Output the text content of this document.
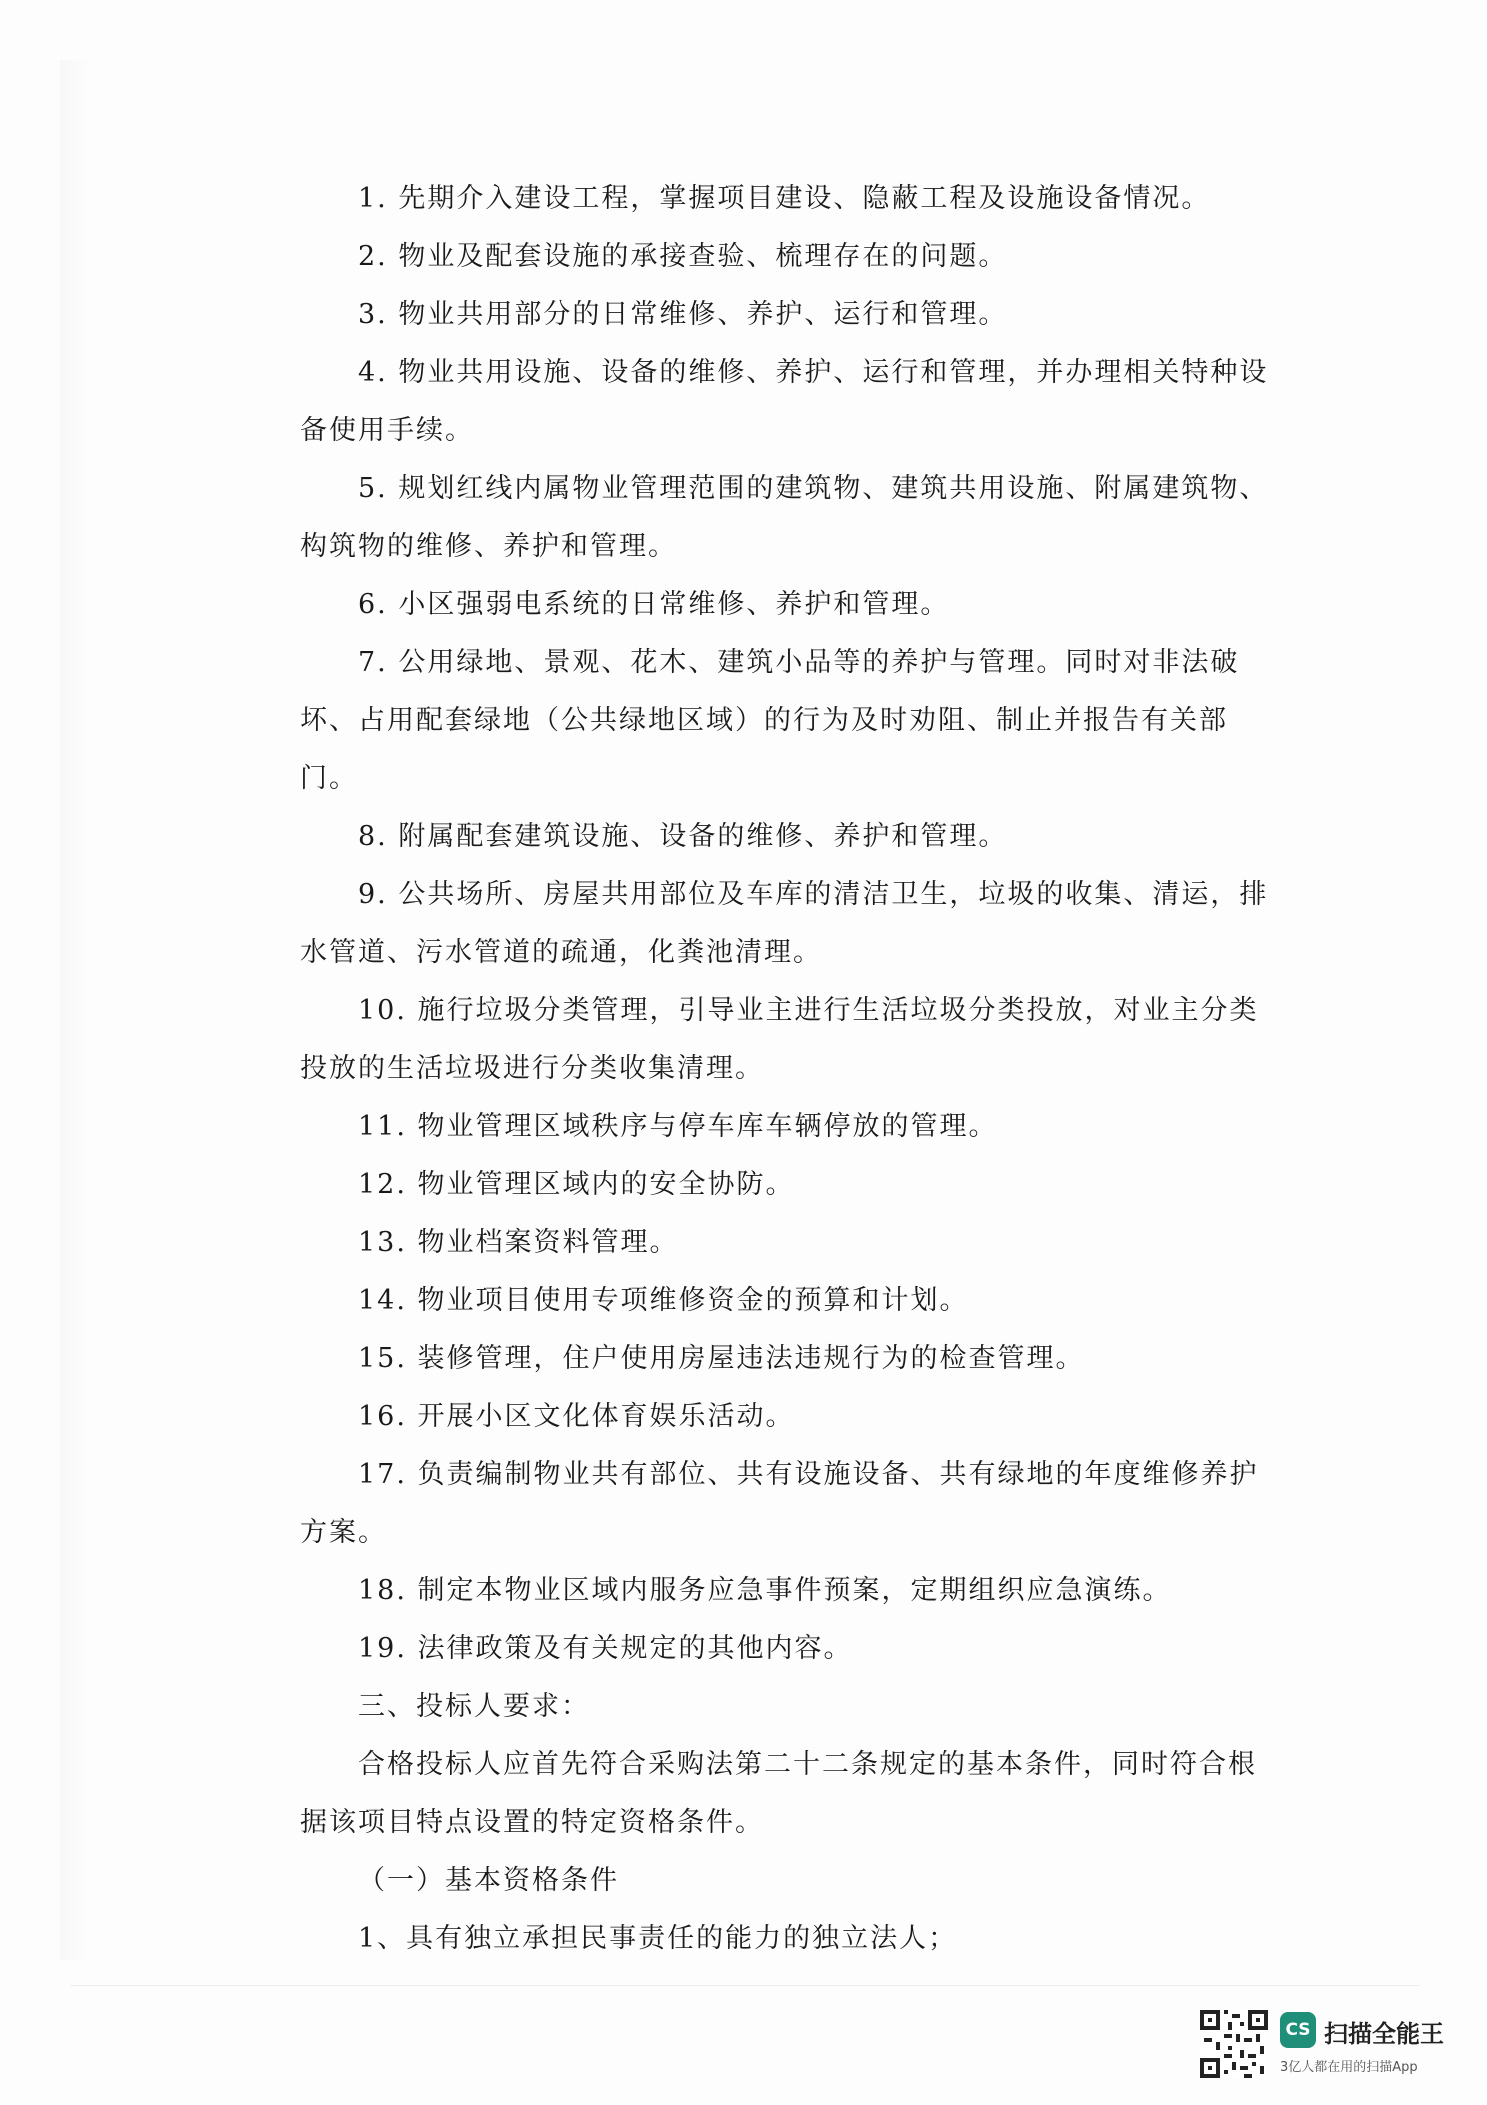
1. 先期介入建设工程，掌握项目建设、隐蔽工程及设施设备情况。

2. 物业及配套设施的承接查验、梳理存在的问题。

3. 物业共用部分的日常维修、养护、运行和管理。

4. 物业共用设施、设备的维修、养护、运行和管理，并办理相关特种设备使用手续。

5. 规划红线内属物业管理范围的建筑物、建筑共用设施、附属建筑物、构筑物的维修、养护和管理。

6. 小区强弱电系统的日常维修、养护和管理。

7. 公用绿地、景观、花木、建筑小品等的养护与管理。同时对非法破坏、占用配套绿地（公共绿地区域）的行为及时劝阻、制止并报告有关部门。

8. 附属配套建筑设施、设备的维修、养护和管理。

9. 公共场所、房屋共用部位及车库的清洁卫生，垃圾的收集、清运，排水管道、污水管道的疏通，化粪池清理。

10. 施行垃圾分类管理，引导业主进行生活垃圾分类投放，对业主分类投放的生活垃圾进行分类收集清理。

11. 物业管理区域秩序与停车库车辆停放的管理。

12. 物业管理区域内的安全协防。

13. 物业档案资料管理。

14. 物业项目使用专项维修资金的预算和计划。

15. 装修管理，住户使用房屋违法违规行为的检查管理。

16. 开展小区文化体育娱乐活动。

17. 负责编制物业共有部位、共有设施设备、共有绿地的年度维修养护方案。

18. 制定本物业区域内服务应急事件预案，定期组织应急演练。

19. 法律政策及有关规定的其他内容。

三、投标人要求：

合格投标人应首先符合采购法第二十二条规定的基本条件，同时符合根据该项目特点设置的特定资格条件。

（一）基本资格条件

1、具有独立承担民事责任的能力的独立法人；

CS 扫描全能王
3亿人都在用的扫描App
